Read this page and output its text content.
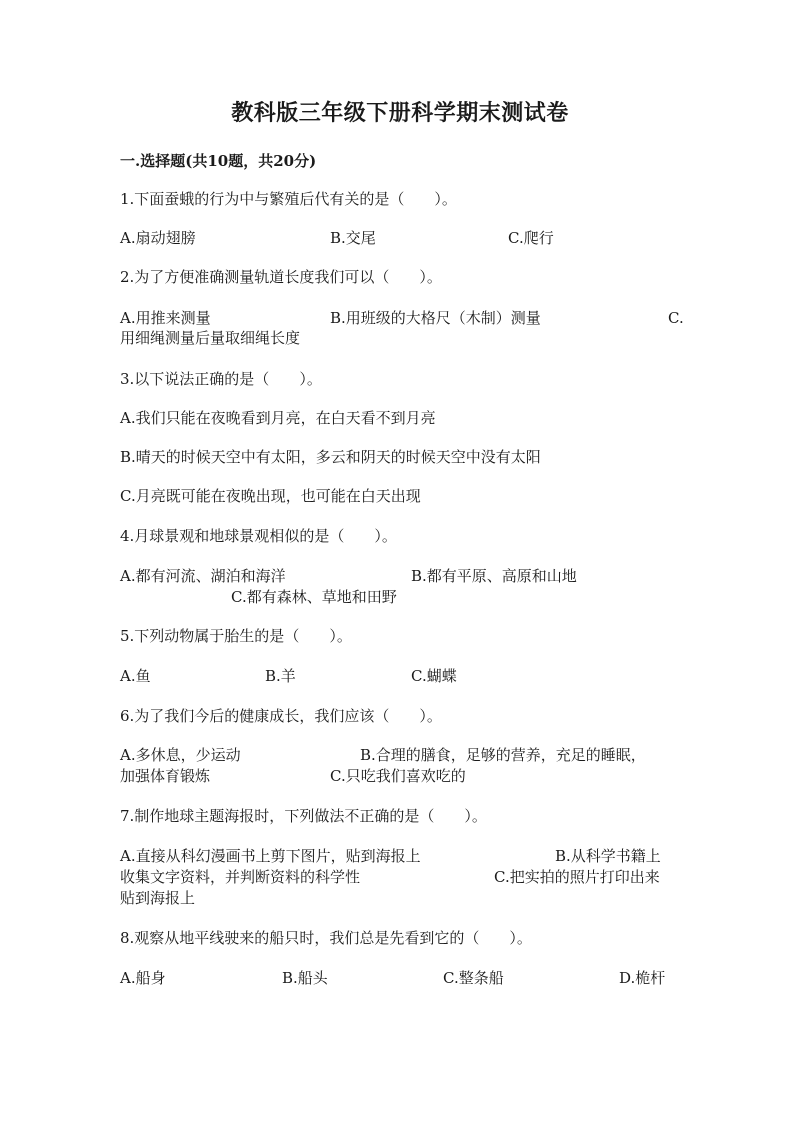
教科版三年级下册科学期末测试卷
一.选择题(共10题，共20分)
1.下面蚕蛾的行为中与繁殖后代有关的是（　　）。
A.扇动翅膀	B.交尾	C.爬行
2.为了方便准确测量轨道长度我们可以（　　）。
A.用推来测量	B.用班级的大格尺（木制）测量	C.
用细绳测量后量取细绳长度
3.以下说法正确的是（　　）。
A.我们只能在夜晚看到月亮，在白天看不到月亮
B.晴天的时候天空中有太阳，多云和阴天的时候天空中没有太阳
C.月亮既可能在夜晚出现，也可能在白天出现
4.月球景观和地球景观相似的是（　　）。
A.都有河流、湖泊和海洋	B.都有平原、高原和山地
C.都有森林、草地和田野
5.下列动物属于胎生的是（　　）。
A.鱼	B.羊	C.蝴蝶
6.为了我们今后的健康成长，我们应该（　　）。
A.多休息，少运动	B.合理的膳食，足够的营养，充足的睡眠，
加强体育锻炼	C.只吃我们喜欢吃的
7.制作地球主题海报时，下列做法不正确的是（　　）。
A.直接从科幻漫画书上剪下图片，贴到海报上	B.从科学书籍上
收集文字资料，并判断资料的科学性	C.把实拍的照片打印出来
贴到海报上
8.观察从地平线驶来的船只时，我们总是先看到它的（　　）。
A.船身	B.船头	C.整条船	D.桅杆
